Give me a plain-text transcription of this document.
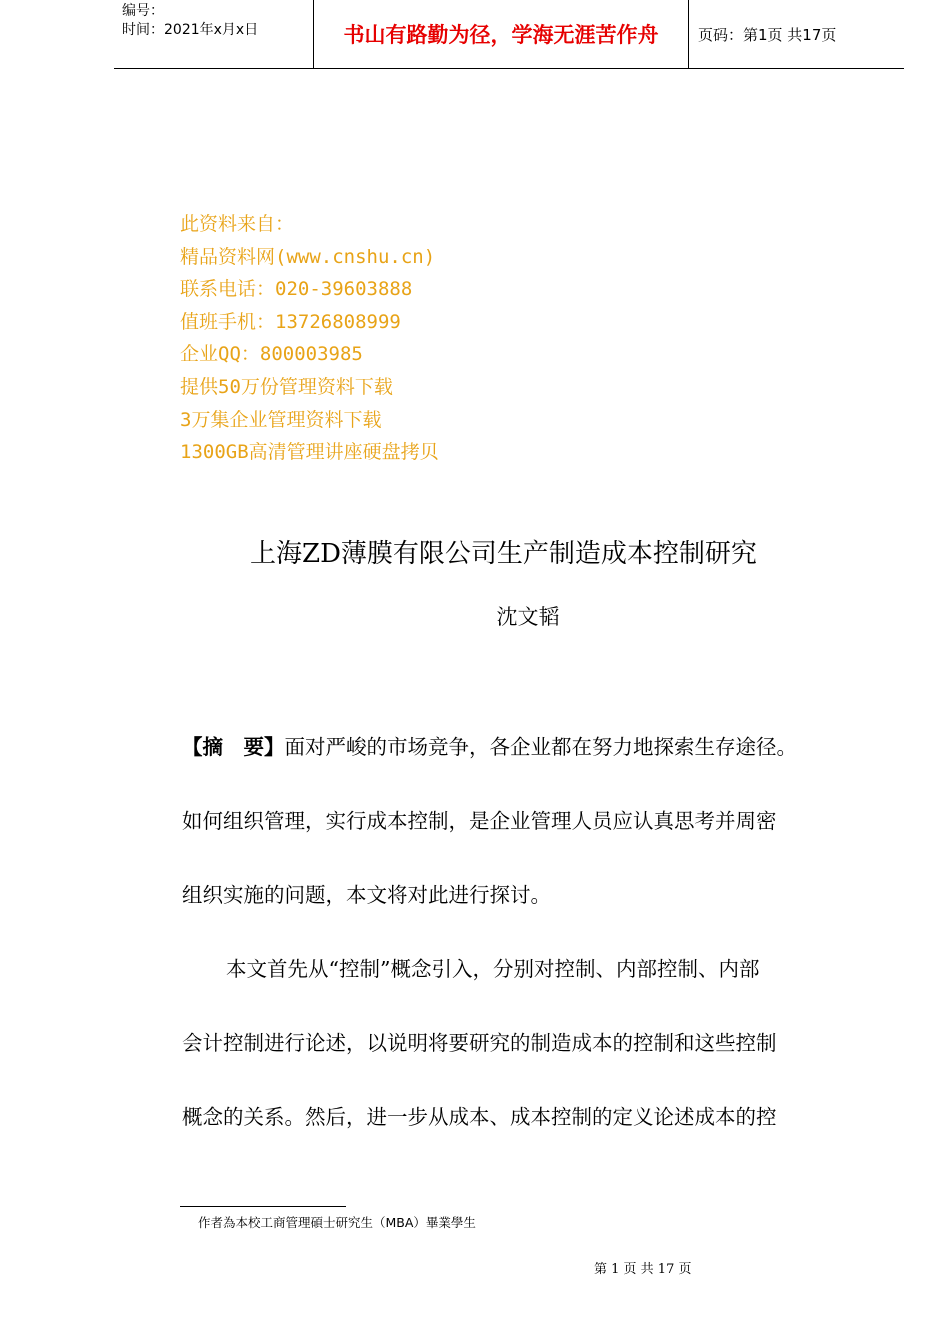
编号：
时间：2021年x月x日	书山有路勤为径，学海无涯苦作舟	页码：第1页 共17页
此资料来自：
精品资料网(www.cnshu.cn)
联系电话：020-39603888
值班手机：13726808999
企业QQ：800003985
提供50万份管理资料下载
3万集企业管理资料下载
1300GB高清管理讲座硬盘拷贝
上海ZD薄膜有限公司生产制造成本控制研究
沈文韬
【摘　要】面对严峻的市场竞争，各企业都在努力地探索生存途径。
如何组织管理，实行成本控制，是企业管理人员应认真思考并周密
组织实施的问题，本文将对此进行探讨。
本文首先从“控制”概念引入，分别对控制、内部控制、内部
会计控制进行论述，以说明将要研究的制造成本的控制和这些控制
概念的关系。然后，进一步从成本、成本控制的定义论述成本的控
作者為本校工商管理碩士研究生（MBA）畢業學生
第 1 页 共 17 页
